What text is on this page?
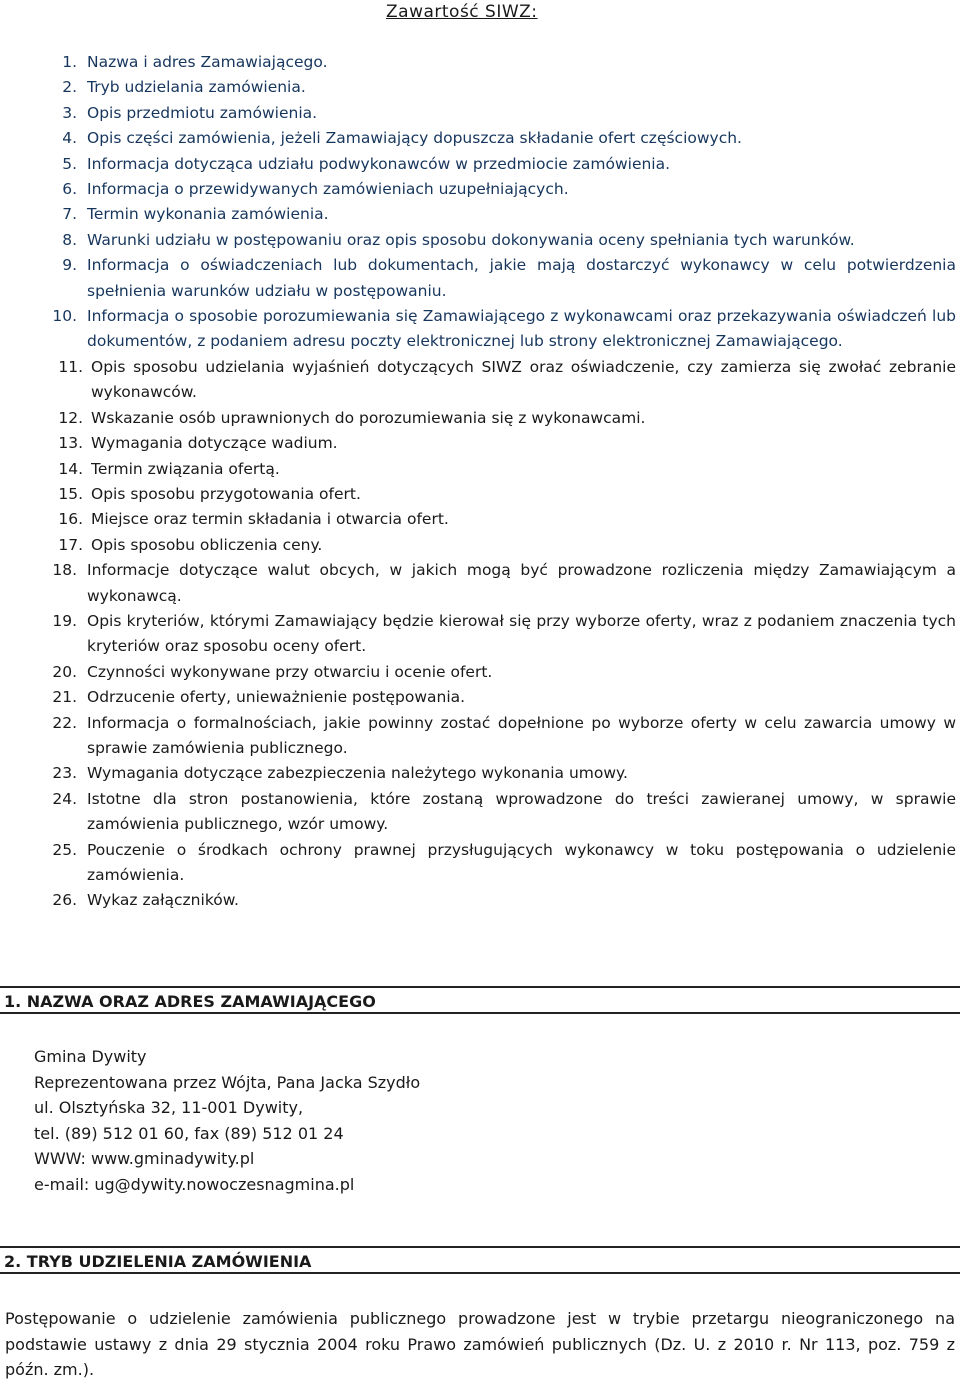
Zawartość SIWZ:
1. Nazwa i adres Zamawiającego.
2. Tryb udzielania zamówienia.
3. Opis przedmiotu zamówienia.
4. Opis części zamówienia, jeżeli Zamawiający dopuszcza składanie ofert częściowych.
5. Informacja dotycząca udziału podwykonawców w przedmiocie zamówienia.
6. Informacja o przewidywanych zamówieniach uzupełniających.
7. Termin wykonania zamówienia.
8. Warunki udziału w postępowaniu oraz opis sposobu dokonywania oceny spełniania tych warunków.
9. Informacja o oświadczeniach lub dokumentach, jakie mają dostarczyć wykonawcy w celu potwierdzenia spełnienia warunków udziału w postępowaniu.
10. Informacja o sposobie porozumiewania się Zamawiającego z wykonawcami oraz przekazywania oświadczeń lub dokumentów, z podaniem adresu poczty elektronicznej lub strony elektronicznej Zamawiającego.
11. Opis sposobu udzielania wyjaśnień dotyczących SIWZ oraz oświadczenie, czy zamierza się zwołać zebranie wykonawców.
12. Wskazanie osób uprawnionych do porozumiewania się z wykonawcami.
13. Wymagania dotyczące wadium.
14. Termin związania ofertą.
15. Opis sposobu przygotowania ofert.
16. Miejsce oraz termin składania i otwarcia ofert.
17. Opis sposobu obliczenia ceny.
18. Informacje dotyczące walut obcych, w jakich mogą być prowadzone rozliczenia między Zamawiającym a wykonawcą.
19. Opis kryteriów, którymi Zamawiający będzie kierował się przy wyborze oferty, wraz z podaniem znaczenia tych kryteriów oraz sposobu oceny ofert.
20. Czynności wykonywane przy otwarciu i ocenie ofert.
21. Odrzucenie oferty, unieważnienie postępowania.
22. Informacja o formalnościach, jakie powinny zostać dopełnione po wyborze oferty w celu zawarcia umowy w sprawie zamówienia publicznego.
23. Wymagania dotyczące zabezpieczenia należytego wykonania umowy.
24. Istotne dla stron postanowienia, które zostaną wprowadzone do treści zawieranej umowy, w sprawie zamówienia publicznego, wzór umowy.
25. Pouczenie o środkach ochrony prawnej przysługujących wykonawcy w toku postępowania o udzielenie zamówienia.
26. Wykaz załączników.
1. NAZWA ORAZ ADRES ZAMAWIAJĄCEGO
Gmina Dywity
Reprezentowana przez Wójta, Pana Jacka Szydło
ul. Olsztyńska 32, 11-001 Dywity,
tel. (89) 512 01 60, fax (89) 512 01 24
WWW: www.gminadywity.pl
e-mail: ug@dywity.nowoczesnagmina.pl
2. TRYB UDZIELENIA ZAMÓWIENIA
Postępowanie o udzielenie zamówienia publicznego prowadzone jest w trybie przetargu nieograniczonego na podstawie ustawy z dnia 29 stycznia 2004 roku Prawo zamówień publicznych (Dz. U. z 2010 r. Nr 113, poz. 759 z późn. zm.).
